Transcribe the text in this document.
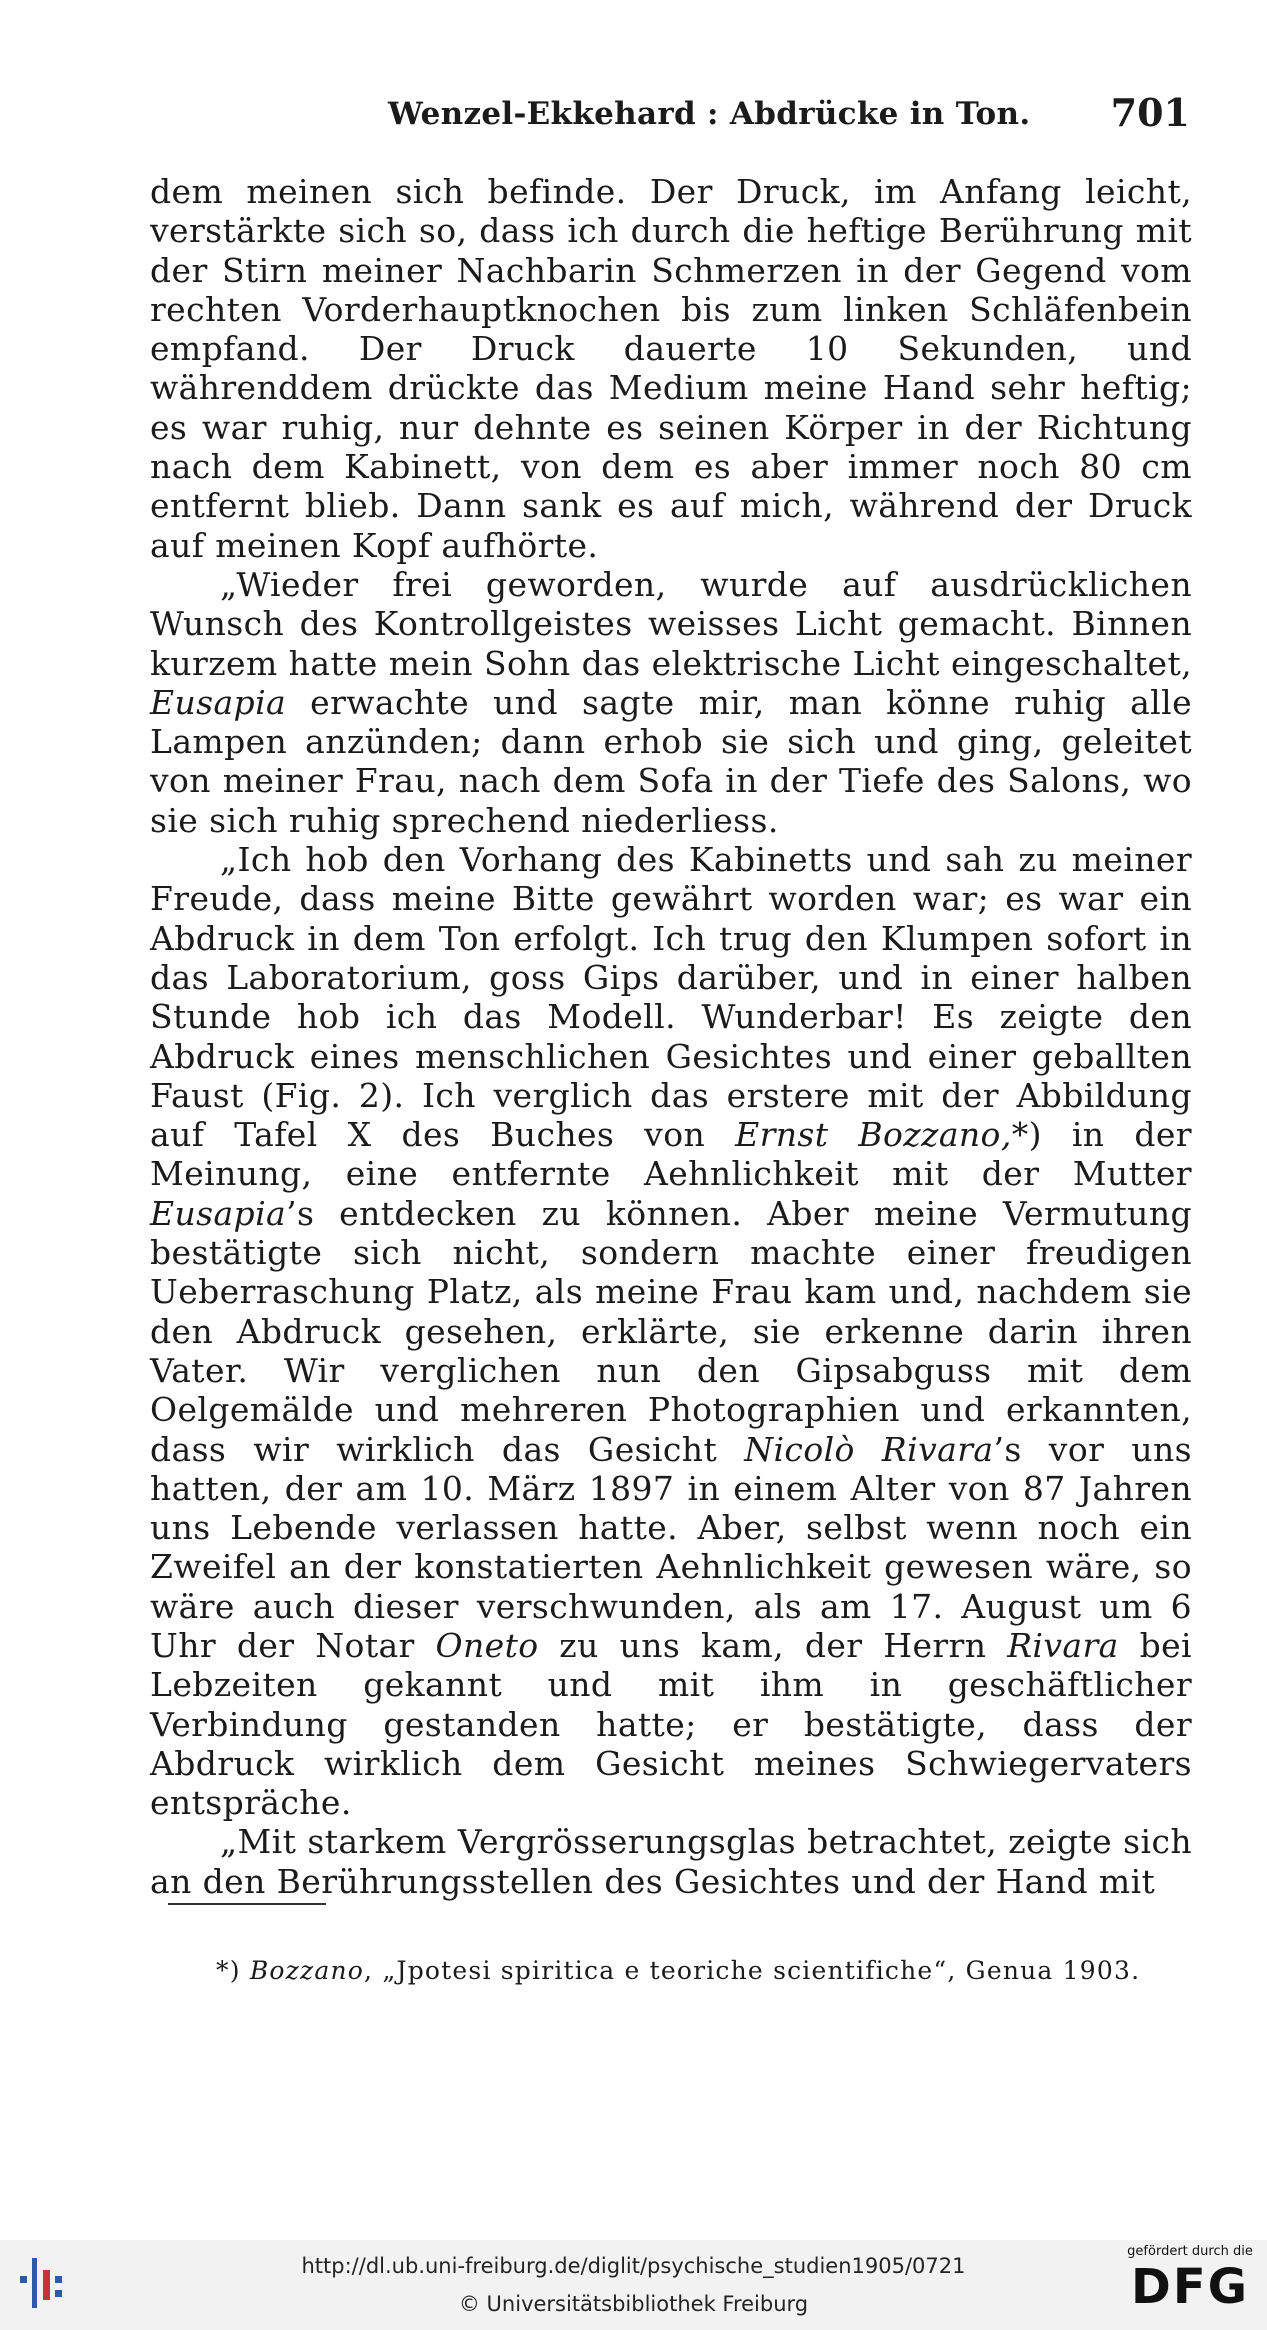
Wenzel-Ekkehard : Abdrücke in Ton. 701

dem meinen sich befinde. Der Druck, im Anfang leicht, verstärkte sich so, dass ich durch die heftige Berührung mit der Stirn meiner Nachbarin Schmerzen in der Gegend vom rechten Vorderhauptknochen bis zum linken Schläfenbein empfand. Der Druck dauerte 10 Sekunden, und währenddem drückte das Medium meine Hand sehr heftig; es war ruhig, nur dehnte es seinen Körper in der Richtung nach dem Kabinett, von dem es aber immer noch 80 cm entfernt blieb. Dann sank es auf mich, während der Druck auf meinen Kopf aufhörte.

„Wieder frei geworden, wurde auf ausdrücklichen Wunsch des Kontrollgeistes weisses Licht gemacht. Binnen kurzem hatte mein Sohn das elektrische Licht eingeschaltet, Eusapia erwachte und sagte mir, man könne ruhig alle Lampen anzünden; dann erhob sie sich und ging, geleitet von meiner Frau, nach dem Sofa in der Tiefe des Salons, wo sie sich ruhig sprechend niederliess.

„Ich hob den Vorhang des Kabinetts und sah zu meiner Freude, dass meine Bitte gewährt worden war; es war ein Abdruck in dem Ton erfolgt. Ich trug den Klumpen sofort in das Laboratorium, goss Gips darüber, und in einer halben Stunde hob ich das Modell. Wunderbar! Es zeigte den Abdruck eines menschlichen Gesichtes und einer geballten Faust (Fig. 2). Ich verglich das erstere mit der Abbildung auf Tafel X des Buches von Ernst Bozzano,*) in der Meinung, eine entfernte Aehnlichkeit mit der Mutter Eusapia’s entdecken zu können. Aber meine Vermutung bestätigte sich nicht, sondern machte einer freudigen Ueberraschung Platz, als meine Frau kam und, nachdem sie den Abdruck gesehen, erklärte, sie erkenne darin ihren Vater. Wir verglichen nun den Gipsabguss mit dem Oelgemälde und mehreren Photographien und erkannten, dass wir wirklich das Gesicht Nicolò Rivara’s vor uns hatten, der am 10. März 1897 in einem Alter von 87 Jahren uns Lebende verlassen hatte. Aber, selbst wenn noch ein Zweifel an der konstatierten Aehnlichkeit gewesen wäre, so wäre auch dieser verschwunden, als am 17. August um 6 Uhr der Notar Oneto zu uns kam, der Herrn Rivara bei Lebzeiten gekannt und mit ihm in geschäftlicher Verbindung gestanden hatte; er bestätigte, dass der Abdruck wirklich dem Gesicht meines Schwiegervaters entspräche.

„Mit starkem Vergrösserungsglas betrachtet, zeigte sich an den Berührungsstellen des Gesichtes und der Hand mit

*) Bozzano, „Jpotesi spiritica e teoriche scientifiche“, Genua 1903.

http://dl.ub.uni-freiburg.de/diglit/psychische_studien1905/0721
© Universitätsbibliothek Freiburg
gefördert durch die
DFG
